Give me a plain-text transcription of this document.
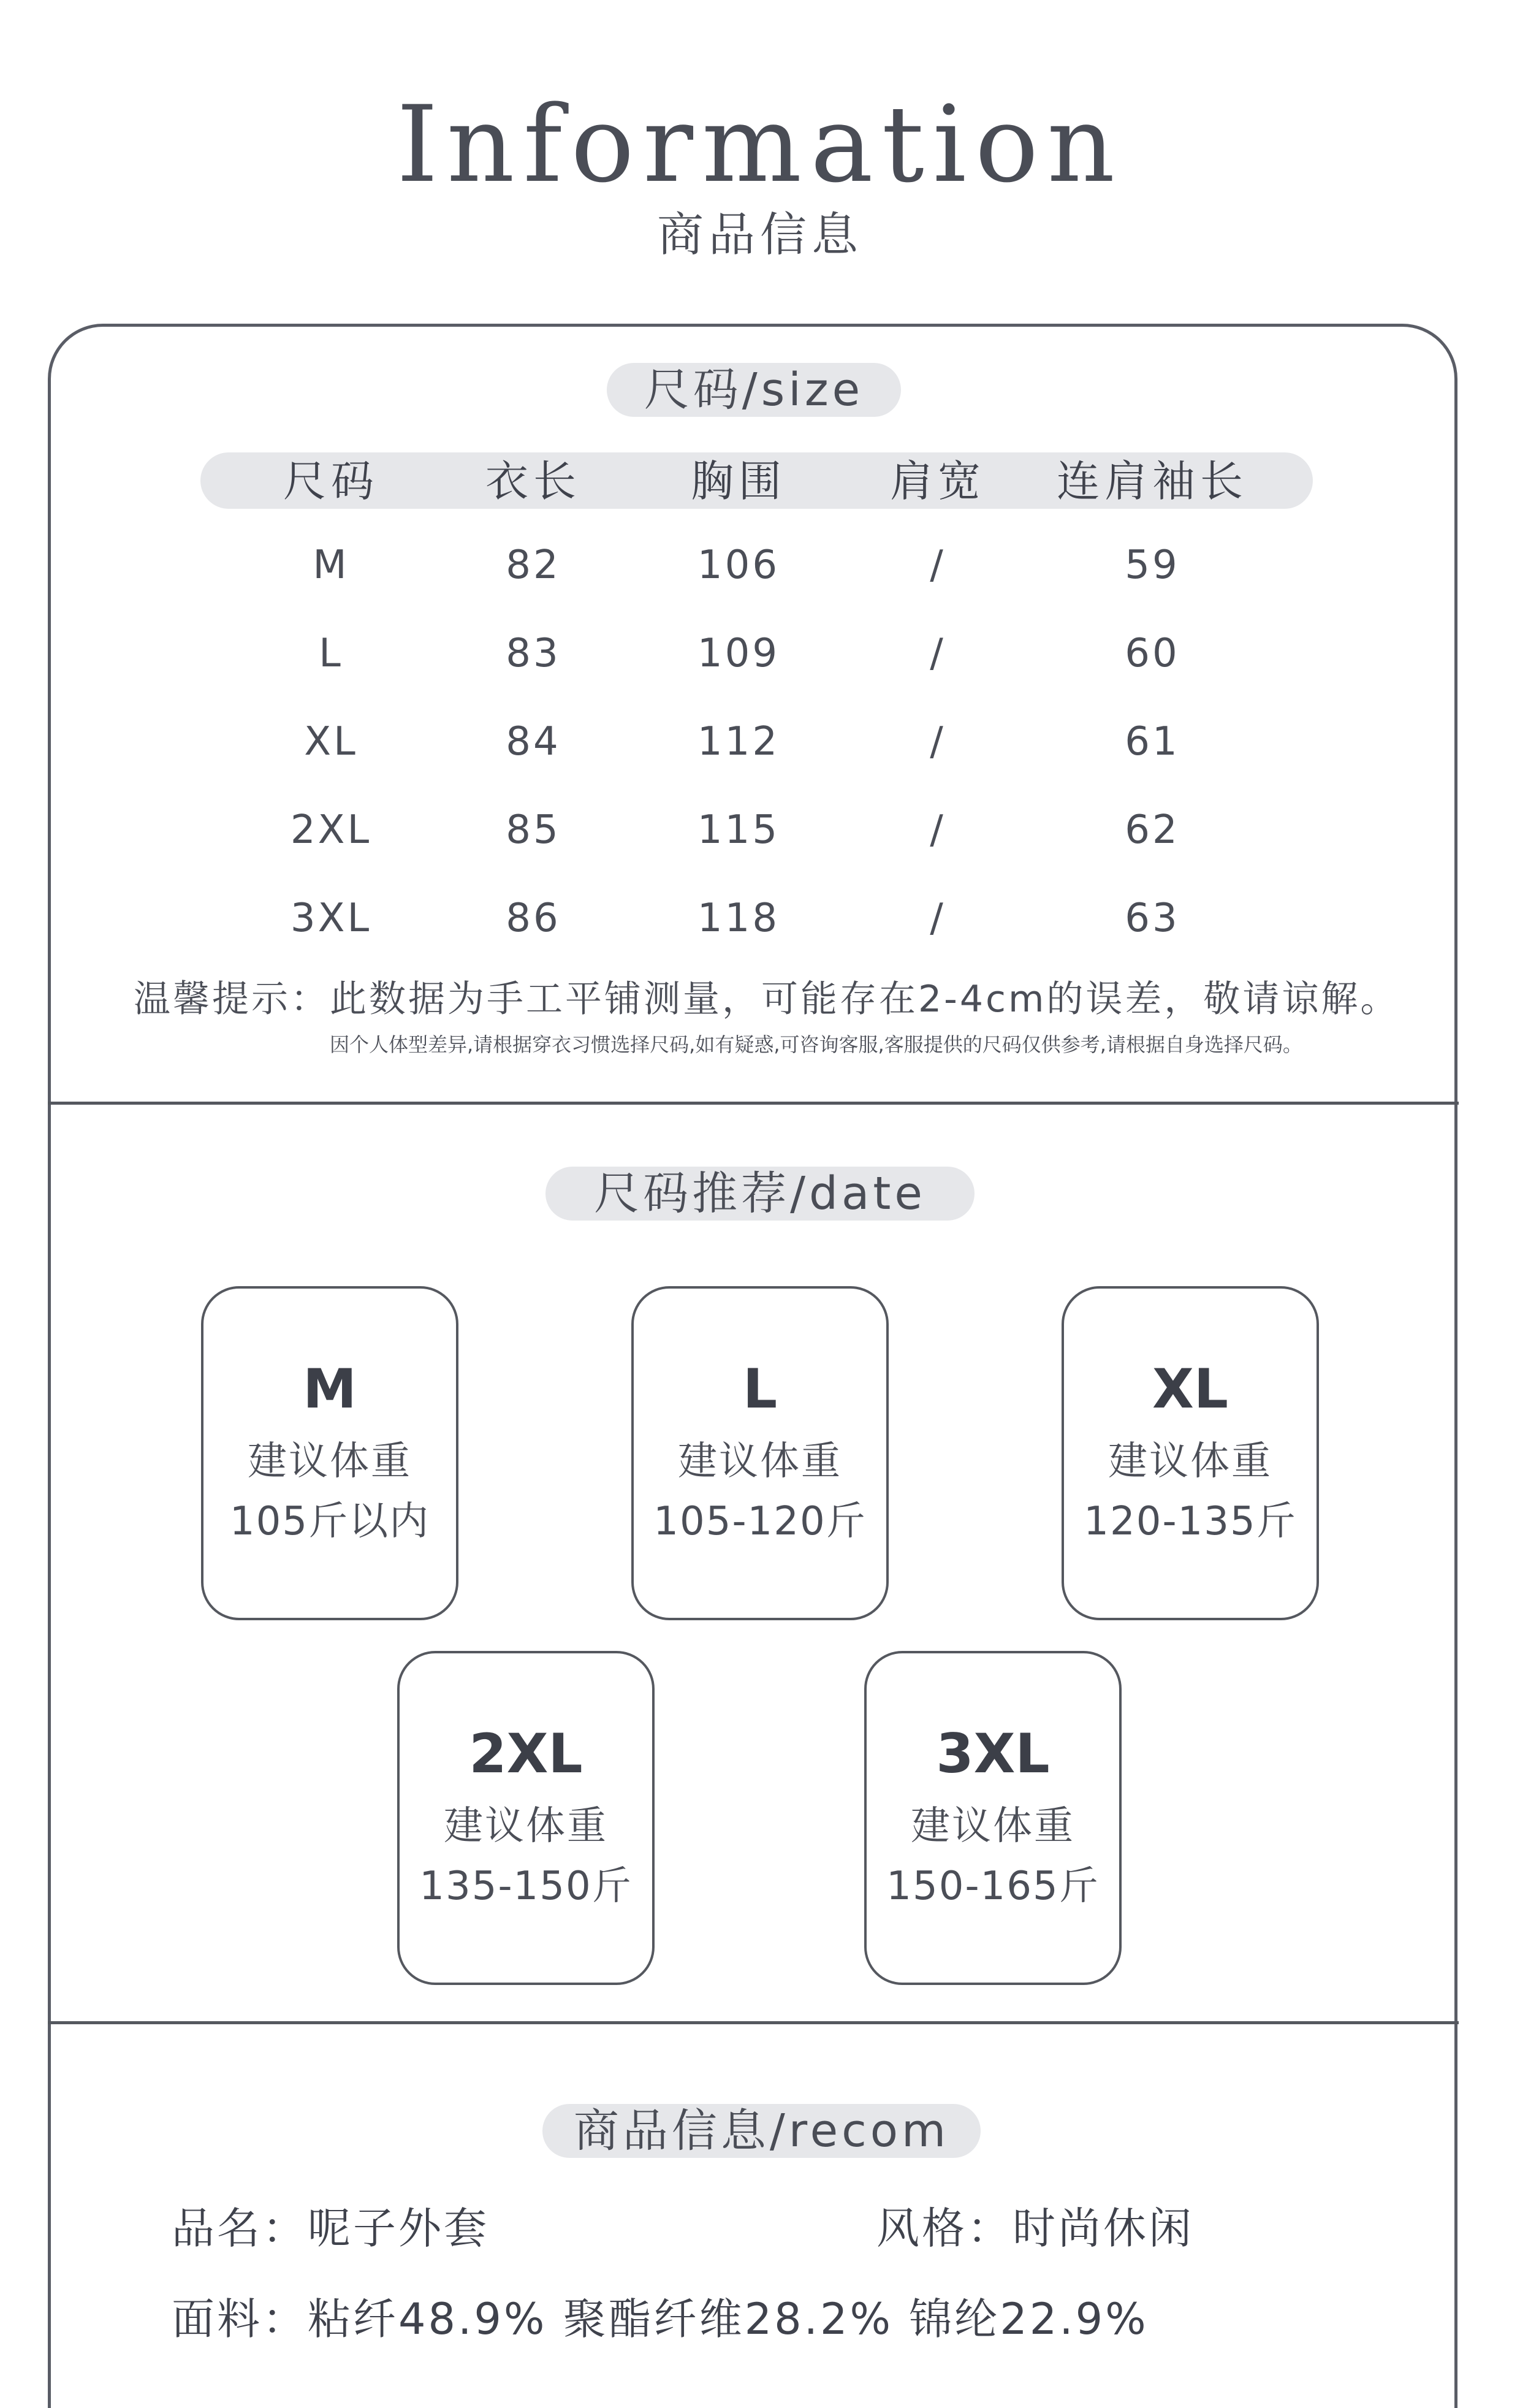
Information
商品信息
尺码/size
尺码	衣长	胸围	肩宽	连肩袖长
M	82	106	/	59
L	83	109	/	60
XL	84	112	/	61
2XL	85	115	/	62
3XL	86	118	/	63
温馨提示：此数据为手工平铺测量，可能存在2-4cm的误差，敬请谅解。
因个人体型差异,请根据穿衣习惯选择尺码,如有疑惑,可咨询客服,客服提供的尺码仅供参考,请根据自身选择尺码。
尺码推荐/date
M
建议体重
105斤以内
L
建议体重
105-120斤
XL
建议体重
120-135斤
2XL
建议体重
135-150斤
3XL
建议体重
150-165斤
商品信息/recom
品名：呢子外套	风格：时尚休闲
面料：粘纤48.9% 聚酯纤维28.2% 锦纶22.9%
